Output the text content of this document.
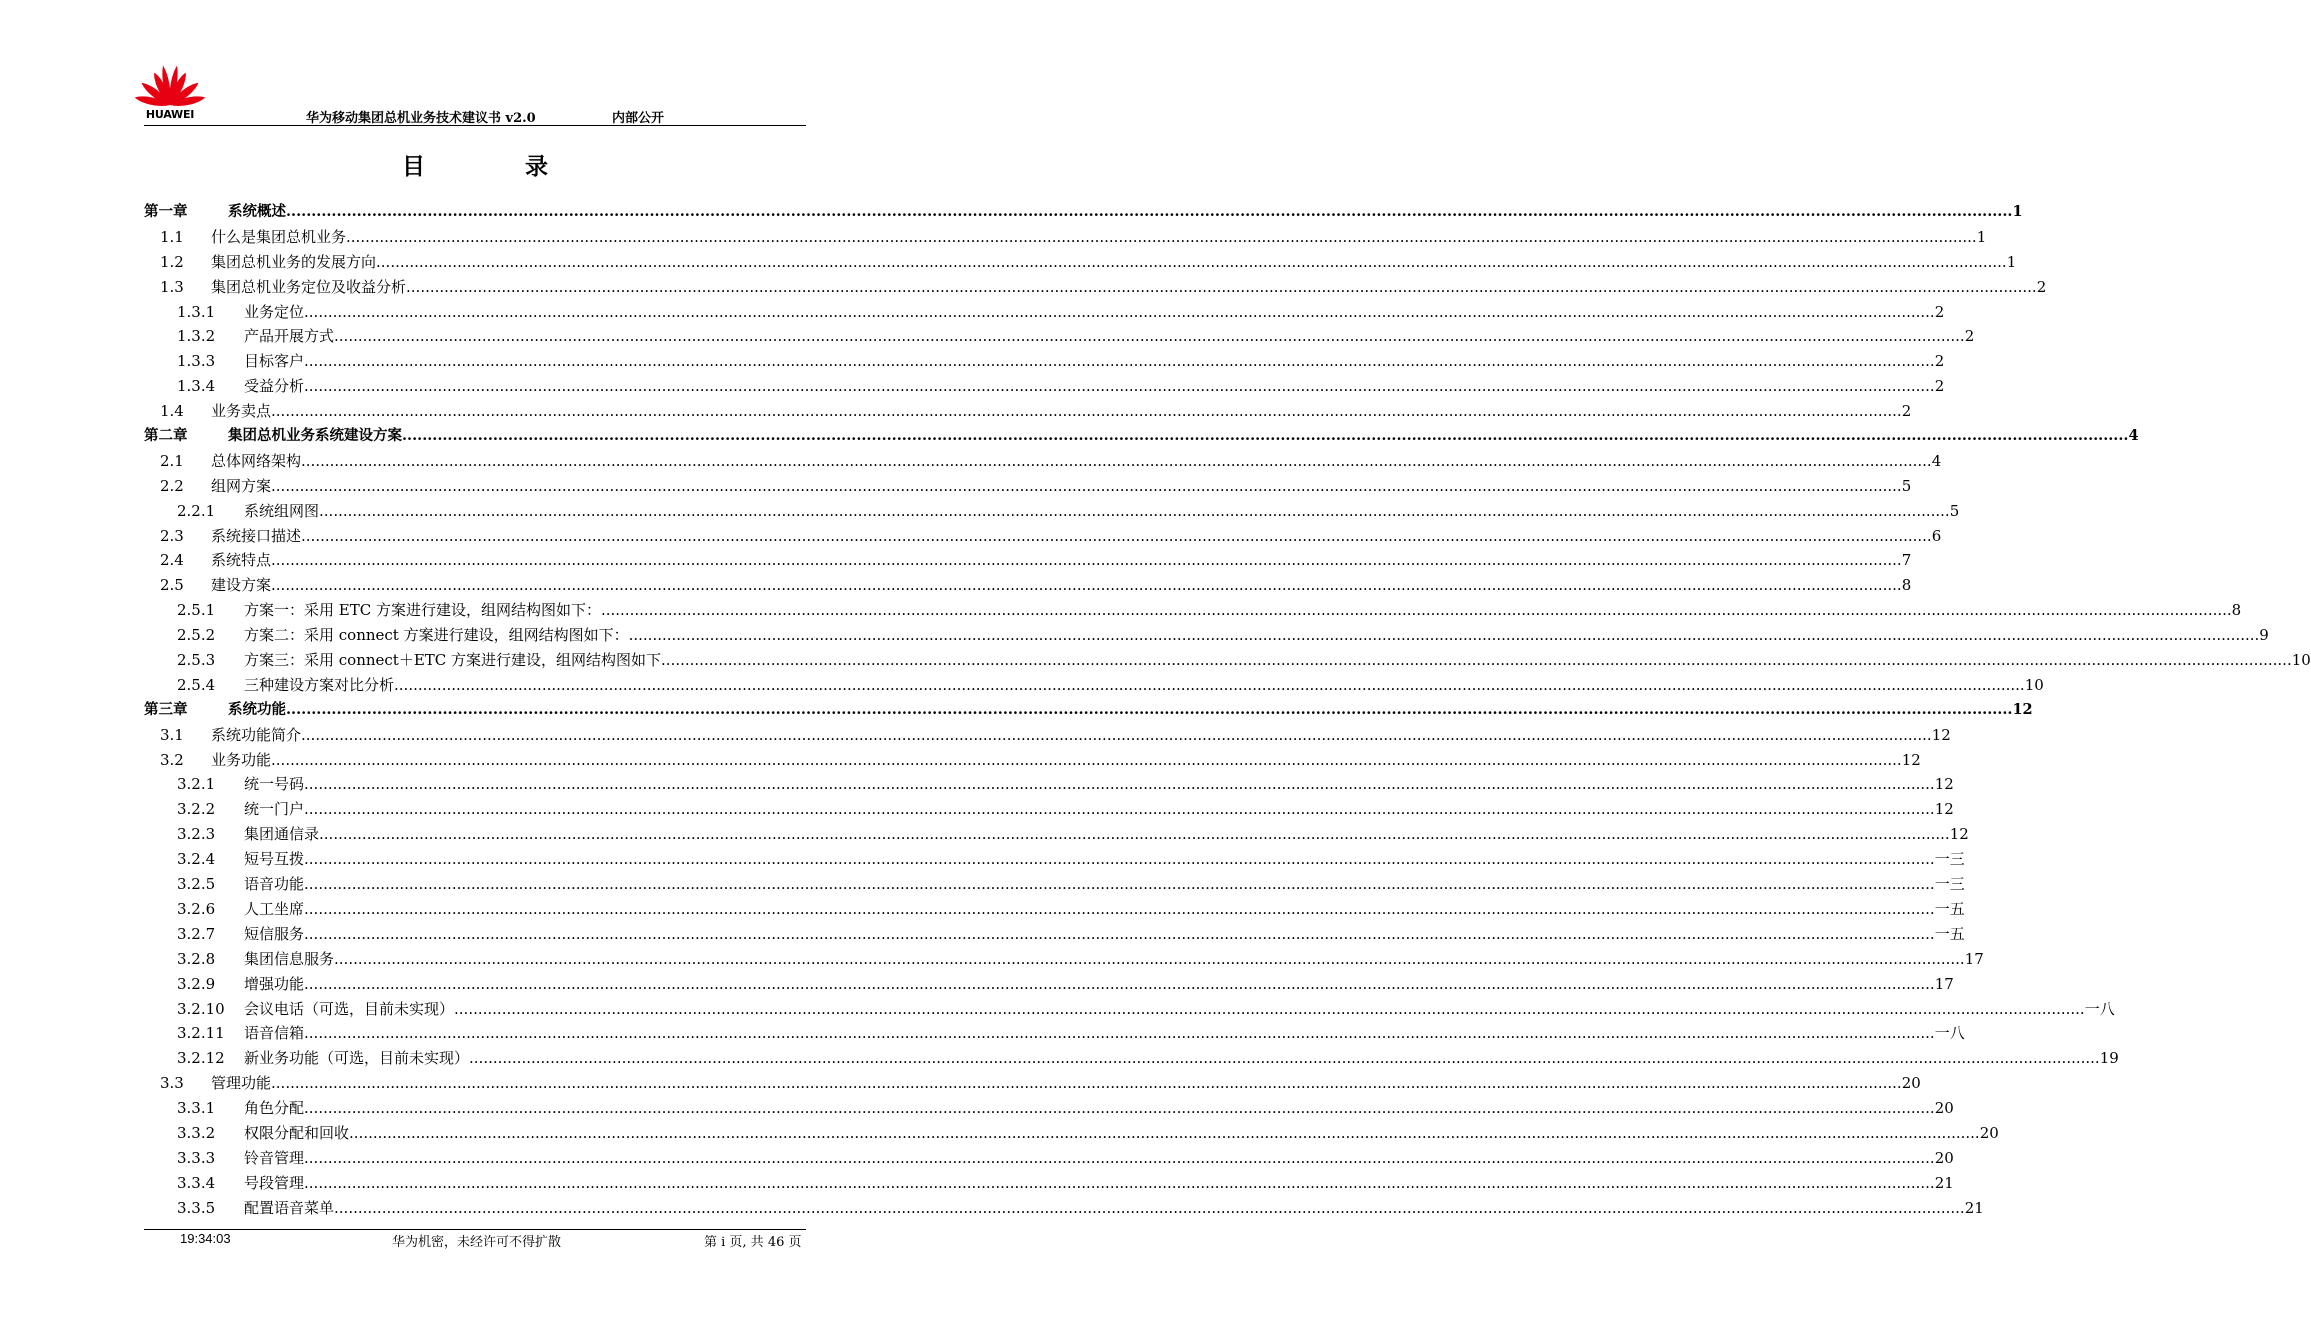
HUAWEI	华为移动集团总机业务技术建议书 v2.0	内部公开
目 录
第一章	系统概述 .....	1
1.1	什么是集团总机业务 .....	1
1.2	集团总机业务的发展方向 .....	1
1.3	集团总机业务定位及收益分析 .....	2
1.3.1	业务定位 .....	2
1.3.2	产品开展方式 .....	2
1.3.3	目标客户 .....	2
1.3.4	受益分析 .....	2
1.4	业务卖点 .....	2
第二章	集团总机业务系统建设方案 .....	4
2.1	总体网络架构 .....	4
2.2	组网方案 .....	5
2.2.1	系统组网图 .....	5
2.3	系统接口描述 .....	6
2.4	系统特点 .....	7
2.5	建设方案 .....	8
2.5.1	方案一：采用 ETC 方案进行建设，组网结构图如下： .....	8
2.5.2	方案二：采用 connect 方案进行建设，组网结构图如下： .....	9
2.5.3	方案三：采用 connect＋ETC 方案进行建设，组网结构图如下 .....	10
2.5.4	三种建设方案对比分析 .....	10
第三章	系统功能 .....	12
3.1	系统功能简介 .....	12
3.2	业务功能 .....	12
3.2.1	统一号码 .....	12
3.2.2	统一门户 .....	12
3.2.3	集团通信录 .....	12
3.2.4	短号互拨 .....	一三
3.2.5	语音功能 .....	一三
3.2.6	人工坐席 .....	一五
3.2.7	短信服务 .....	一五
3.2.8	集团信息服务 .....	17
3.2.9	增强功能 .....	17
3.2.10	会议电话（可选，目前未实现） .....	一八
3.2.11	语音信箱 .....	一八
3.2.12	新业务功能（可选，目前未实现） .....	19
3.3	管理功能 .....	20
3.3.1	角色分配 .....	20
3.3.2	权限分配和回收 .....	20
3.3.3	铃音管理 .....	20
3.3.4	号段管理 .....	21
3.3.5	配置语音菜单 .....	21
19:34:03	华为机密，未经许可不得扩散	第 i 页, 共 46 页
